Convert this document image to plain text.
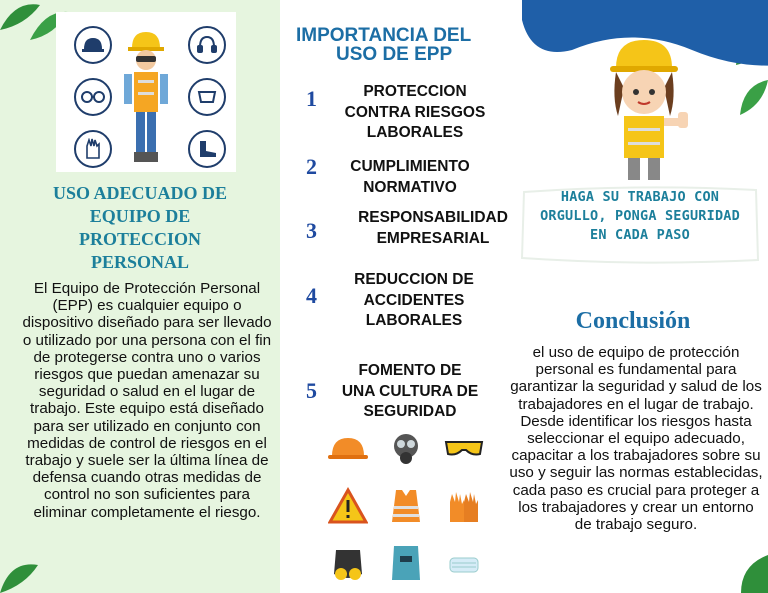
USO ADECUADO DE EQUIPO DE PROTECCION PERSONAL
El Equipo de Protección Personal (EPP) es cualquier equipo o dispositivo diseñado para ser llevado o utilizado por una persona con el fin de protegerse contra uno o varios riesgos que puedan amenazar su seguridad o salud en el lugar de trabajo. Este equipo está diseñado para ser utilizado en conjunto con medidas de control de riesgos en el trabajo y suele ser la última línea de defensa cuando otras medidas de control no son suficientes para eliminar completamente el riesgo.
IMPORTANCIA DEL
USO DE EPP
1	PROTECCION CONTRA RIESGOS LABORALES
2	CUMPLIMIENTO NORMATIVO
3
RESPONSABILIDAD EMPRESARIAL
4
REDUCCION DE ACCIDENTES LABORALES
5
FOMENTO DE UNA CULTURA DE SEGURIDAD
HAGA SU TRABAJO CON ORGULLO, PONGA SEGURIDAD EN CADA PASO
Conclusión
el uso de equipo de protección personal es fundamental para garantizar la seguridad y salud de los trabajadores en el lugar de trabajo. Desde identificar los riesgos hasta seleccionar el equipo adecuado, capacitar a los trabajadores sobre su uso y seguir las normas establecidas, cada paso es crucial para proteger a los trabajadores y crear un entorno de trabajo seguro.
